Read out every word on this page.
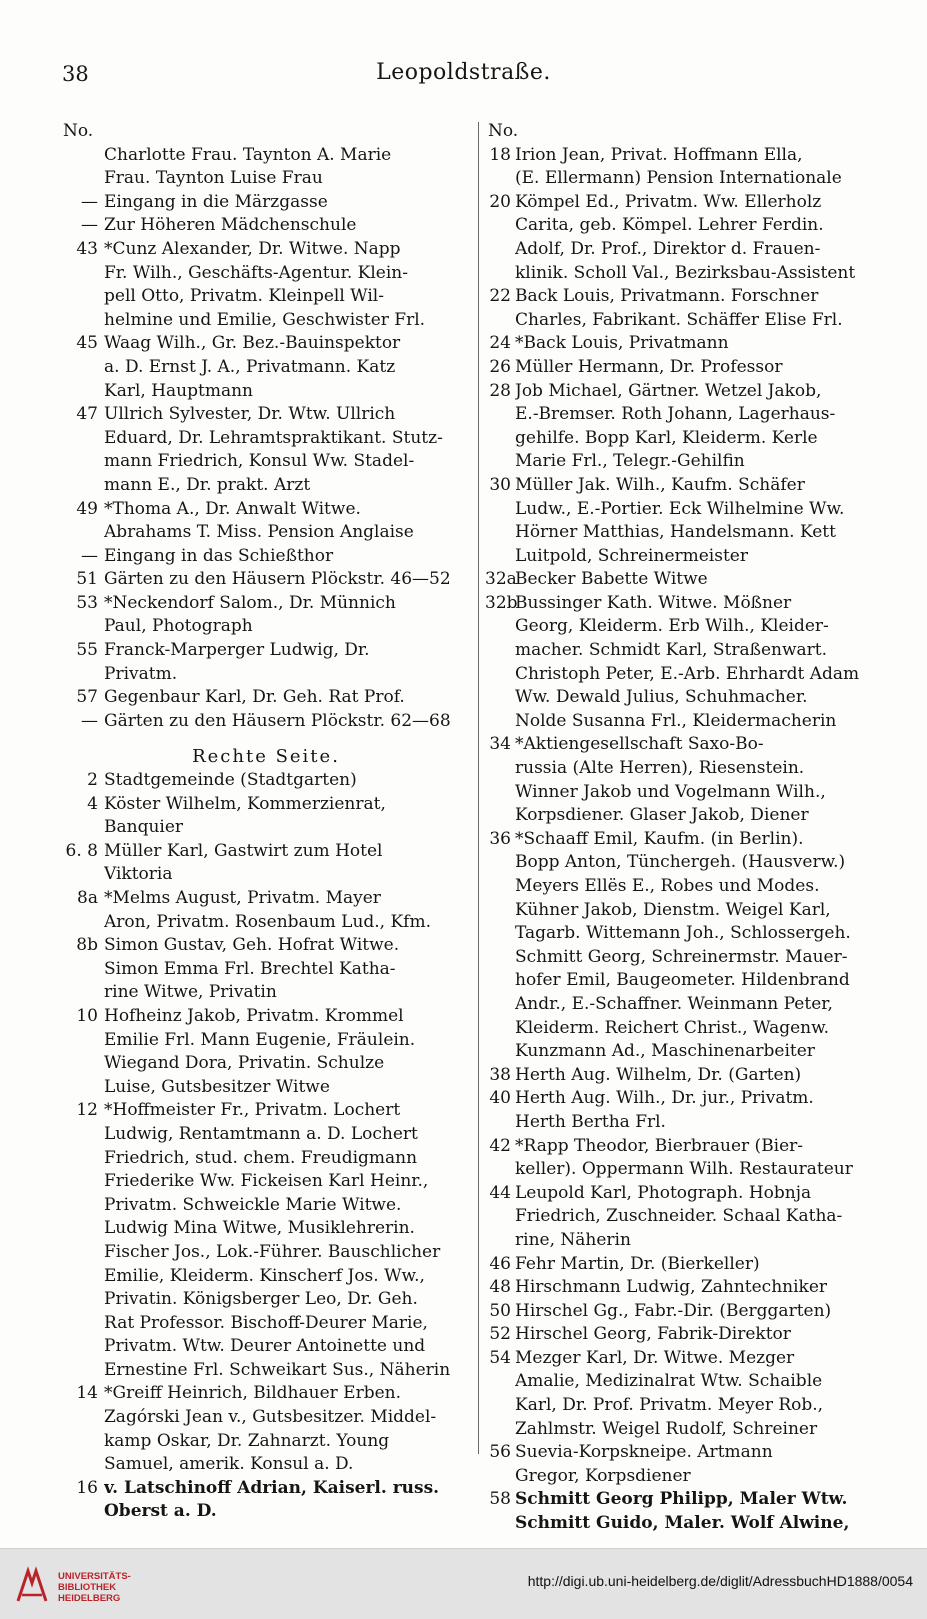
38	Leopoldstraße.
No.
Charlotte Frau. Taynton A. Marie
Frau. Taynton Luise Frau
— Eingang in die Märzgasse
— Zur Höheren Mädchenschule
43 *Cunz Alexander, Dr. Witwe. Napp
Fr. Wilh., Geschäfts-Agentur. Klein-
pell Otto, Privatm. Kleinpell Wil-
helmine und Emilie, Geschwister Frl.
45 Waag Wilh., Gr. Bez.-Bauinspektor
a. D. Ernst J. A., Privatmann. Katz
Karl, Hauptmann
47 Ullrich Sylvester, Dr. Wtw. Ullrich
Eduard, Dr. Lehramtspraktikant. Stutz-
mann Friedrich, Konsul Ww. Stadel-
mann E., Dr. prakt. Arzt
49 *Thoma A., Dr. Anwalt Witwe.
Abrahams T. Miss. Pension Anglaise
— Eingang in das Schießthor
51 Gärten zu den Häusern Plöckstr. 46—52
53 *Neckendorf Salom., Dr. Münnich
Paul, Photograph
55 Franck-Marperger Ludwig, Dr.
Privatm.
57 Gegenbaur Karl, Dr. Geh. Rat Prof.
— Gärten zu den Häusern Plöckstr. 62—68
Rechte Seite.
2 Stadtgemeinde (Stadtgarten)
4 Köster Wilhelm, Kommerzienrat,
Banquier
6. 8 Müller Karl, Gastwirt zum Hotel
Viktoria
8a *Melms August, Privatm. Mayer
Aron, Privatm. Rosenbaum Lud., Kfm.
8b Simon Gustav, Geh. Hofrat Witwe.
Simon Emma Frl. Brechtel Katha-
rine Witwe, Privatin
10 Hofheinz Jakob, Privatm. Krommel
Emilie Frl. Mann Eugenie, Fräulein.
Wiegand Dora, Privatin. Schulze
Luise, Gutsbesitzer Witwe
12 *Hoffmeister Fr., Privatm. Lochert
Ludwig, Rentamtmann a. D. Lochert
Friedrich, stud. chem. Freudigmann
Friederike Ww. Fickeisen Karl Heinr.,
Privatm. Schweickle Marie Witwe.
Ludwig Mina Witwe, Musiklehrerin.
Fischer Jos., Lok.-Führer. Bauschlicher
Emilie, Kleiderm. Kinscherf Jos. Ww.,
Privatin. Königsberger Leo, Dr. Geh.
Rat Professor. Bischoff-Deurer Marie,
Privatm. Wtw. Deurer Antoinette und
Ernestine Frl. Schweikart Sus., Näherin
14 *Greiff Heinrich, Bildhauer Erben.
Zagórski Jean v., Gutsbesitzer. Middel-
kamp Oskar, Dr. Zahnarzt. Young
Samuel, amerik. Konsul a. D.
16 v. Latschinoff Adrian, Kaiserl. russ.
Oberst a. D.
No.
18 Irion Jean, Privat. Hoffmann Ella,
(E. Ellermann) Pension Internationale
20 Kömpel Ed., Privatm. Ww. Ellerholz
Carita, geb. Kömpel. Lehrer Ferdin.
Adolf, Dr. Prof., Direktor d. Frauen-
klinik. Scholl Val., Bezirksbau-Assistent
22 Back Louis, Privatmann. Forschner
Charles, Fabrikant. Schäffer Elise Frl.
24 *Back Louis, Privatmann
26 Müller Hermann, Dr. Professor
28 Job Michael, Gärtner. Wetzel Jakob,
E.-Bremser. Roth Johann, Lagerhaus-
gehilfe. Bopp Karl, Kleiderm. Kerle
Marie Frl., Telegr.-Gehilfin
30 Müller Jak. Wilh., Kaufm. Schäfer
Ludw., E.-Portier. Eck Wilhelmine Ww.
Hörner Matthias, Handelsmann. Kett
Luitpold, Schreinermeister
32a
Becker Babette Witwe
32b
Bussinger Kath. Witwe. Mößner
Georg, Kleiderm. Erb Wilh., Kleider-
macher. Schmidt Karl, Straßenwart.
Christoph Peter, E.-Arb. Ehrhardt Adam
Ww. Dewald Julius, Schuhmacher.
Nolde Susanna Frl., Kleidermacherin
34 *Aktiengesellschaft Saxo-Bo-
russia (Alte Herren), Riesenstein.
Winner Jakob und Vogelmann Wilh.,
Korpsdiener. Glaser Jakob, Diener
36 *Schaaff Emil, Kaufm. (in Berlin).
Bopp Anton, Tünchergeh. (Hausverw.)
Meyers Ellës E., Robes und Modes.
Kühner Jakob, Dienstm. Weigel Karl,
Tagarb. Wittemann Joh., Schlossergeh.
Schmitt Georg, Schreinermstr. Mauer-
hofer Emil, Baugeometer. Hildenbrand
Andr., E.-Schaffner. Weinmann Peter,
Kleiderm. Reichert Christ., Wagenw.
Kunzmann Ad., Maschinenarbeiter
38 Herth Aug. Wilhelm, Dr. (Garten)
40 Herth Aug. Wilh., Dr. jur., Privatm.
Herth Bertha Frl.
42 *Rapp Theodor, Bierbrauer (Bier-
keller). Oppermann Wilh. Restaurateur
44 Leupold Karl, Photograph. Hobnja
Friedrich, Zuschneider. Schaal Katha-
rine, Näherin
46 Fehr Martin, Dr. (Bierkeller)
48 Hirschmann Ludwig, Zahntechniker
50 Hirschel Gg., Fabr.-Dir. (Berggarten)
52 Hirschel Georg, Fabrik-Direktor
54 Mezger Karl, Dr. Witwe. Mezger
Amalie, Medizinalrat Wtw. Schaible
Karl, Dr. Prof. Privatm. Meyer Rob.,
Zahlmstr. Weigel Rudolf, Schreiner
56 Suevia-Korpskneipe. Artmann
Gregor, Korpsdiener
58 Schmitt Georg Philipp, Maler Wtw.
Schmitt Guido, Maler. Wolf Alwine,
UNIVERSITÄTS-
BIBLIOTHEK
HEIDELBERG
http://digi.ub.uni-heidelberg.de/diglit/AdressbuchHD1888/0054
